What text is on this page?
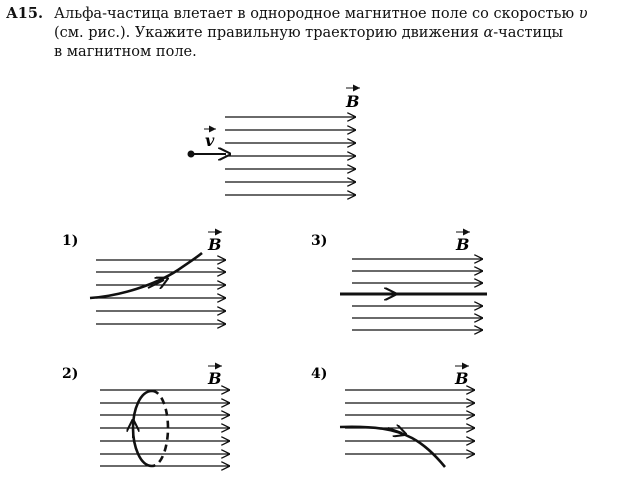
А15. Альфа-частица влетает в однородное магнитное поле со скоростью υ
(см. рис.). Укажите правильную траекторию движения α-частицы
в магнитном поле.
B
v
1)	B	3)	B
2)	B	4)	B
